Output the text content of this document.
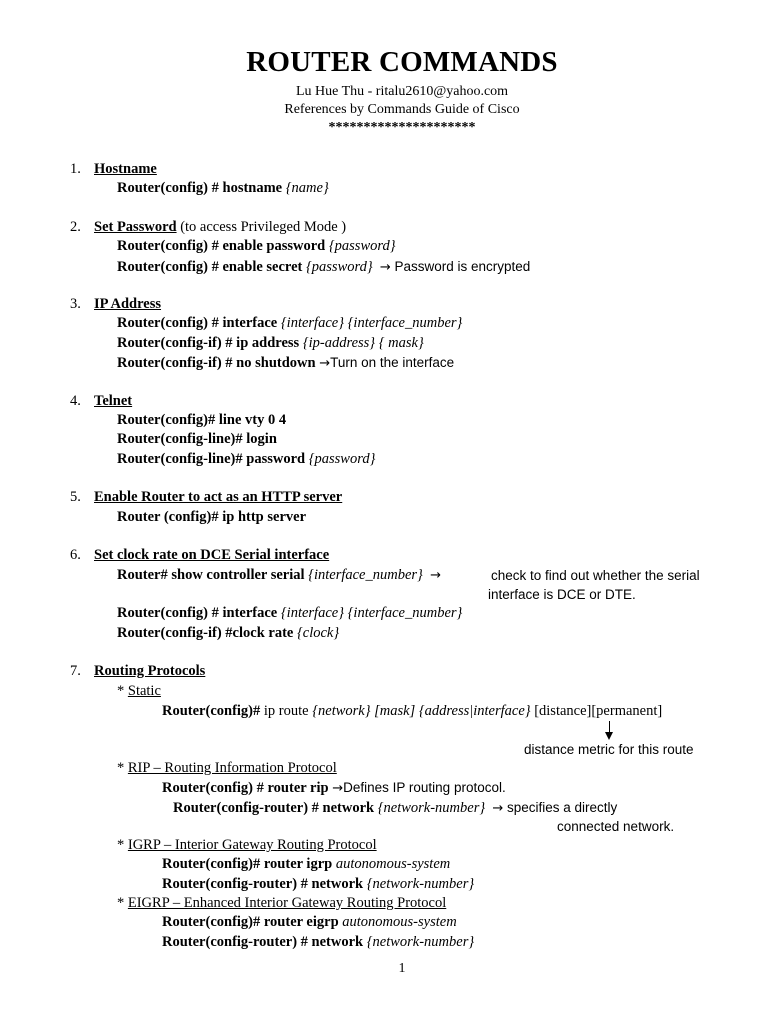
ROUTER COMMANDS
Lu Hue Thu - ritalu2610@yahoo.com
References by Commands Guide of Cisco
*********************
1. Hostname
Router(config) # hostname {name}
2. Set Password (to access Privileged Mode )
Router(config) # enable password {password}
Router(config) # enable secret {password} → Password is encrypted
3. IP Address
Router(config) # interface {interface} {interface_number}
Router(config-if) # ip address {ip-address} { mask}
Router(config-if) # no shutdown →Turn on the interface
4. Telnet
Router(config)# line vty 0 4
Router(config-line)# login
Router(config-line)# password {password}
5. Enable Router to act as an HTTP server
Router (config)# ip http server
6. Set clock rate on DCE Serial interface
Router# show controller serial {interface_number} →	check to find out whether the serial
interface is DCE or DTE.
Router(config) # interface {interface} {interface_number}
Router(config-if) #clock rate {clock}
7. Routing Protocols
* Static
Router(config)# ip route {network} [mask] {address|interface} [distance][permanent]
distance metric for this route
* RIP – Routing Information Protocol
Router(config) # router rip →Defines IP routing protocol.
Router(config-router) # network {network-number} → specifies a directly
connected network.
* IGRP – Interior Gateway Routing Protocol
Router(config)# router igrp autonomous-system
Router(config-router) # network {network-number}
* EIGRP – Enhanced Interior Gateway Routing Protocol
Router(config)# router eigrp autonomous-system
Router(config-router) # network {network-number}
1
